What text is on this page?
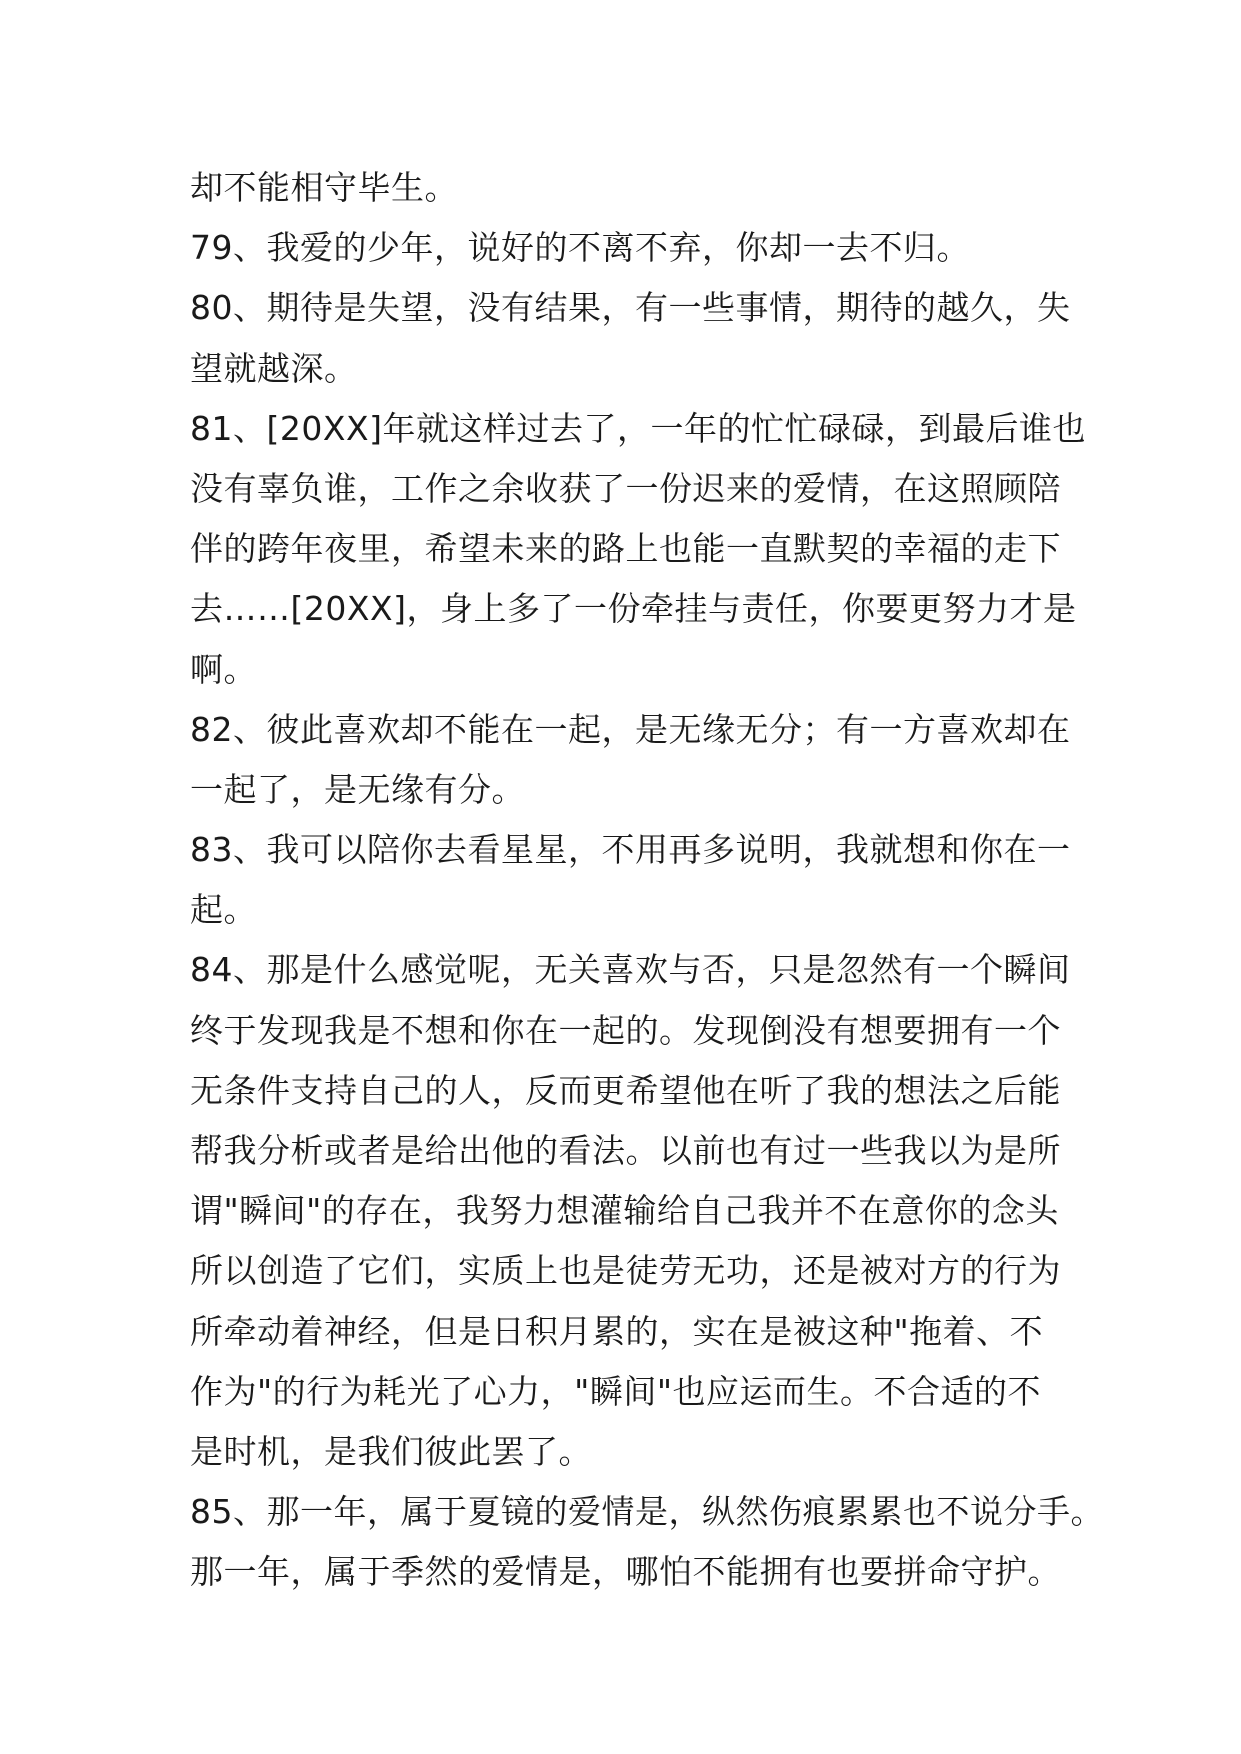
却不能相守毕生。
79、我爱的少年，说好的不离不弃，你却一去不归。
80、期待是失望，没有结果，有一些事情，期待的越久，失
望就越深。
81、[20XX]年就这样过去了，一年的忙忙碌碌，到最后谁也
没有辜负谁，工作之余收获了一份迟来的爱情，在这照顾陪
伴的跨年夜里，希望未来的路上也能一直默契的幸福的走下
去……[20XX]，身上多了一份牵挂与责任，你要更努力才是
啊。
82、彼此喜欢却不能在一起，是无缘无分；有一方喜欢却在
一起了，是无缘有分。
83、我可以陪你去看星星，不用再多说明，我就想和你在一
起。
84、那是什么感觉呢，无关喜欢与否，只是忽然有一个瞬间
终于发现我是不想和你在一起的。发现倒没有想要拥有一个
无条件支持自己的人，反而更希望他在听了我的想法之后能
帮我分析或者是给出他的看法。以前也有过一些我以为是所
谓"瞬间"的存在，我努力想灌输给自己我并不在意你的念头
所以创造了它们，实质上也是徒劳无功，还是被对方的行为
所牵动着神经，但是日积月累的，实在是被这种"拖着、不
作为"的行为耗光了心力，"瞬间"也应运而生。不合适的不
是时机，是我们彼此罢了。
85、那一年，属于夏镜的爱情是，纵然伤痕累累也不说分手。
那一年，属于季然的爱情是，哪怕不能拥有也要拼命守护。
